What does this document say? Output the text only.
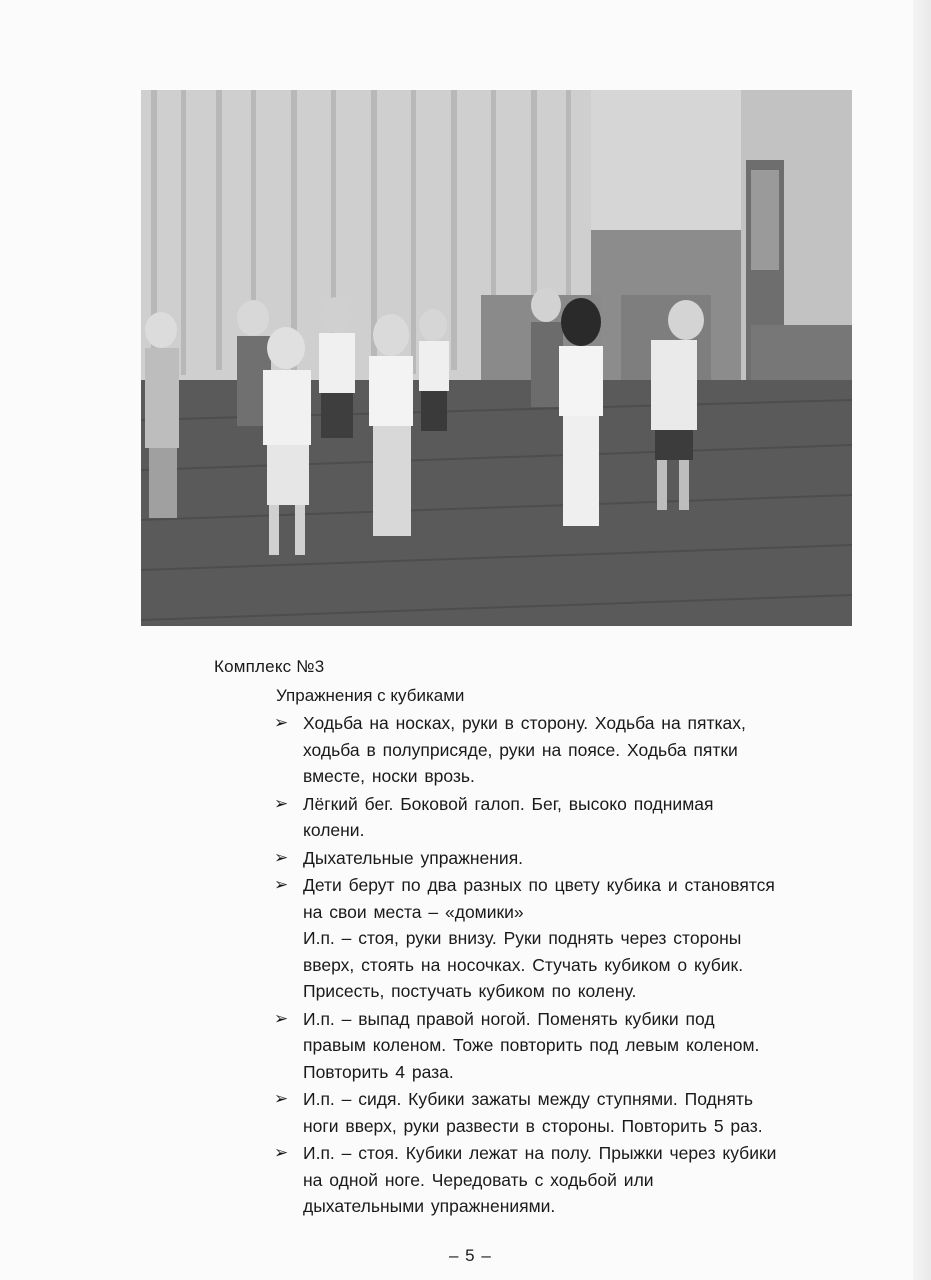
Комплекс №3
Упражнения с кубиками
➢ Ходьба на носках, руки в сторону. Ходьба на пятках,
ходьба в полуприсяде, руки на поясе. Ходьба пятки
вместе, носки врозь.
➢ Лёгкий бег. Боковой галоп. Бег, высоко поднимая
колени.
➢ Дыхательные упражнения.
➢ Дети берут по два разных по цвету кубика и становятся
на свои места – «домики»
И.п. – стоя, руки внизу. Руки поднять через стороны
вверх, стоять на носочках. Стучать кубиком о кубик.
Присесть, постучать кубиком по колену.
➢ И.п. – выпад правой ногой. Поменять кубики под
правым коленом. Тоже повторить под левым коленом.
Повторить 4 раза.
➢ И.п. – сидя. Кубики зажаты между ступнями. Поднять
ноги вверх, руки развести в стороны. Повторить 5 раз.
➢ И.п. – стоя. Кубики лежат на полу. Прыжки через кубики
на одной ноге. Чередовать с ходьбой или
дыхательными упражнениями.
– 5 –
